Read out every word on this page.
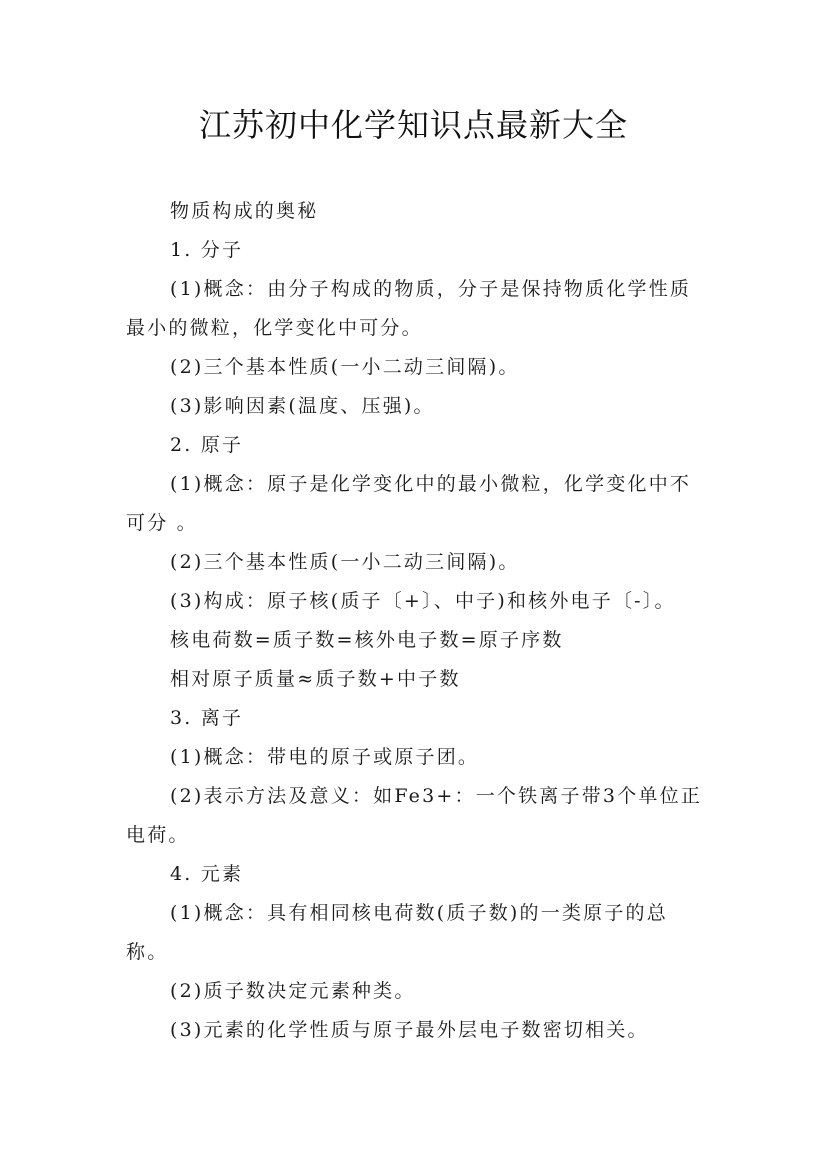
江苏初中化学知识点最新大全

物质构成的奥秘

1. 分子

(1)概念：由分子构成的物质，分子是保持物质化学性质最小的微粒，化学变化中可分。

(2)三个基本性质(一小二动三间隔)。

(3)影响因素(温度、压强)。

2. 原子

(1)概念：原子是化学变化中的最小微粒，化学变化中不可分 。

(2)三个基本性质(一小二动三间隔)。

(3)构成：原子核(质子〔+〕、中子)和核外电子〔-〕。

核电荷数=质子数=核外电子数=原子序数

相对原子质量≈质子数+中子数

3. 离子

(1)概念：带电的原子或原子团。

(2)表示方法及意义：如Fe3+：一个铁离子带3个单位正电荷。

4. 元素

(1)概念：具有相同核电荷数(质子数)的一类原子的总称。

(2)质子数决定元素种类。

(3)元素的化学性质与原子最外层电子数密切相关。
